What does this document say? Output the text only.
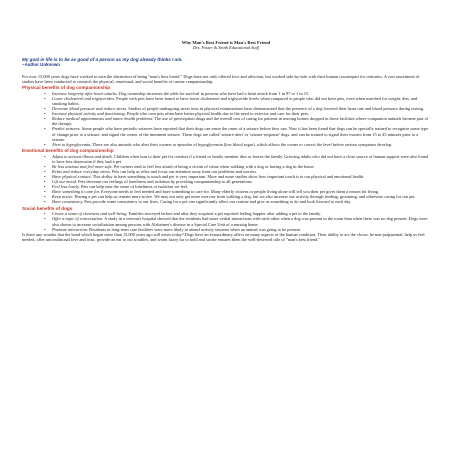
Why Man's Best Friend is Man's Best Friend
Drs. Foster & Smith Educational Staff
My goal in life is to be as good of a person as my dog already thinks I am.
~Author Unknown
For over 15,000 years dogs have worked to earn the distinction of being "man's best friend." Dogs have not only offered love and affection, but worked side-by-side with their human counterpart for centuries. A vast assortment of studies have been conducted to research the physical, emotional, and social benefits of canine companionship.
Physical benefits of dog companionship
• Increase longevity after heart attacks. Dog ownership increases the odds for survival in persons who have had a heart attack from 1 in 87 to 1 in 15.
• Lower cholesterol and triglycerides. People with pets have been found to have lower cholesterol and triglyceride levels when compared to people who did not have pets, even when matched for weight, diet, and smoking habits.
• Decrease blood pressure and reduce stress. Studies of people undergoing stress tests in physical examinations have demonstrated that the presence of a dog lowered their heart rate and blood pressure during testing.
• Increase physical activity and functioning. People who own pets often have better physical health due to the need to exercise and care for their pets.
• Reduce medical appointments and minor health problems. The use of prescription drugs and the overall cost of caring for patients in nursing homes dropped in those facilities where companion animals became part of the therapy.
• Predict seizures. Some people who have periodic seizures have reported that their dogs can sense the onset of a seizure before they can. Now it has been found that dogs can be specially trained to recognize some type of change prior to a seizure, and signal the owner of the imminent seizure. These dogs are called 'seizure-alert' or 'seizure-response' dogs, and can be trained to signal their owners from 15 to 45 minutes prior to a seizure.
• Alert to hypoglycemia. There are also animals who alert their owners to episodes of hypoglycemia (low blood sugar), which allows the owner to correct the level before serious symptoms develop.
Emotional benefits of dog companionship
• Adjust to serious illness and death. Children often turn to their pet for comfort if a friend or family member dies or leaves the family. Grieving adults who did not have a close source of human support were also found to have less depression if they had a pet.
• Be less anxious and feel more safe. Pet owners tend to feel less afraid of being a victim of crime when walking with a dog or having a dog in the home.
• Relax and reduce everyday stress. Pets can help us relax and focus our attention away from our problems and worries.
• Have physical contact. This ability to have something to touch and pet is very important. More and more studies show how important touch is to our physical and emotional health.
• Lift our mood. Pets decrease our feelings of loneliness and isolation by providing companionship to all generations.
• Feel less lonely. Pets can help ease the sense of loneliness or isolation we feel.
• Have something to care for. Everyone needs to feel needed and have something to care for. Many elderly citizens or people living alone will tell you their pet gives them a reason for living.
• Keep active. Having a pet can help us remain more active. We may not only get more exercise from walking a dog, but we also increase our activity through feeding, grooming, and otherwise caring for our pet.
• Have consistency. Pets provide some consistency to our lives. Caring for a pet can significantly affect our routine and give us something to do and look forward to each day.
Social benefits of dogs
• Create a sense of closeness and well-being. Families surveyed before and after they acquired a pet reported feeling happier after adding a pet to the family.
• Offer a topic of conversation. A study in a veteran's hospital showed that the residents had more verbal interactions with each other when a dog was present in the room than when there was no dog present. Dogs were also shown to increase socialization among persons with Alzheimer's disease in a Special Care Unit of a nursing home.
• Promote interaction. Residents in long-term care facilities were more likely to attend activity sessions when an animal was going to be present.
Is there any wonder that the bond which began more than 15,000 years ago still exists today? Dogs have an extraordinary affect on many aspects of the human condition. Their ability to act the clown, be non-judgmental, help us feel needed, offer unconditional love and trust, provide an ear to our troubles, and warm fuzzy fur to hold and stroke ensures them the well-deserved title of "man's best friend."
